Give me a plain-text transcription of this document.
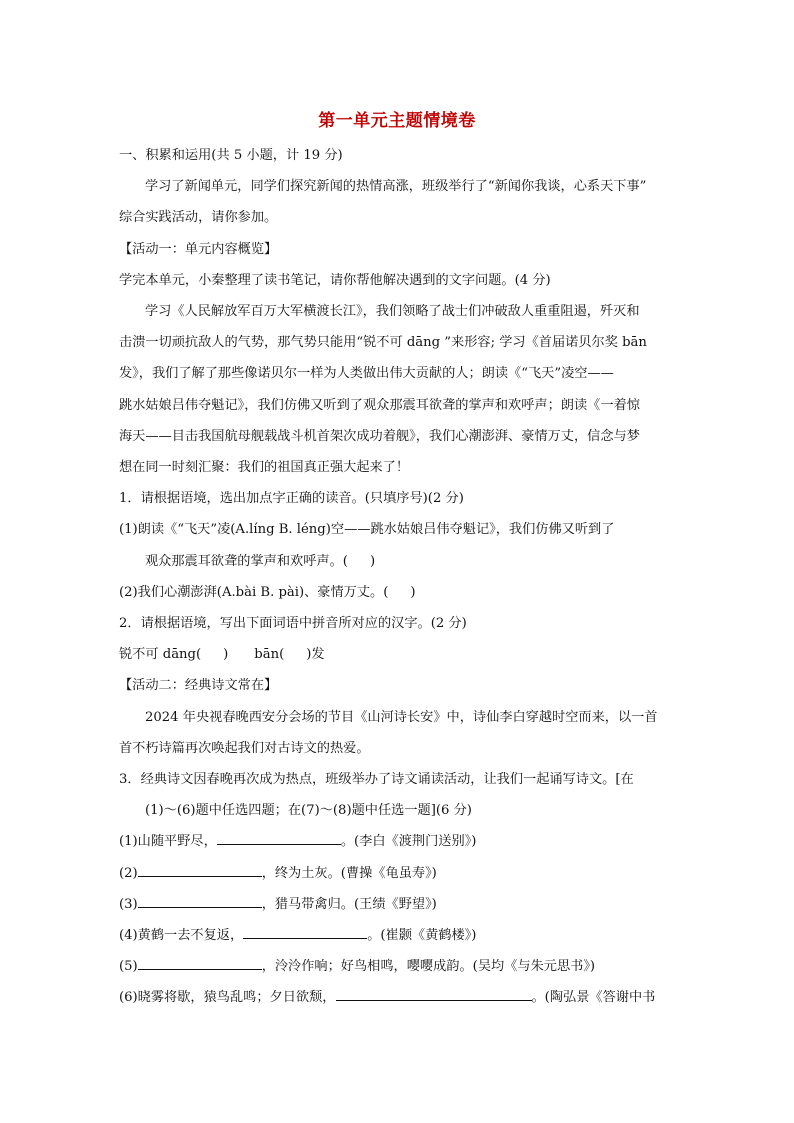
第一单元主题情境卷

一、积累和运用(共 5 小题，计 19 分)

学习了新闻单元，同学们探究新闻的热情高涨，班级举行了“新闻你我谈，心系天下事”

综合实践活动，请你参加。

【活动一：单元内容概览】

学完本单元，小秦整理了读书笔记，请你帮他解决遇到的文字问题。(4 分)

学习《人民解放军百万大军横渡长江》，我们领略了战士们冲破敌人重重阻遏，歼灭和

击溃一切顽抗敌人的气势，那气势只能用“锐不可 dāng ”来形容; 学习《首届诺贝尔奖 bān

发》，我们了解了那些像诺贝尔一样为人类做出伟大贡献的人；朗读《“飞天”凌空——

跳水姑娘吕伟夺魁记》，我们仿佛又听到了观众那震耳欲聋的掌声和欢呼声；朗读《一着惊

海天——目击我国航母舰载战斗机首架次成功着舰》，我们心潮澎湃、豪情万丈，信念与梦

想在同一时刻汇聚：我们的祖国真正强大起来了！

1．请根据语境，选出加点字正确的读音。(只填序号)(2 分)

(1)朗读《“飞天”凌(A.líng B. léng)空——跳水姑娘吕伟夺魁记》，我们仿佛又听到了

观众那震耳欲聋的掌声和欢呼声。( )

(2)我们心潮澎湃(A.bài B. pài)、豪情万丈。( )

2．请根据语境，写出下面词语中拼音所对应的汉字。(2 分)

锐不可 dāng( ) bān( )发

【活动二：经典诗文常在】

2024 年央视春晚西安分会场的节目《山河诗长安》中，诗仙李白穿越时空而来，以一首

首不朽诗篇再次唤起我们对古诗文的热爱。

3．经典诗文因春晚再次成为热点，班级举办了诗文诵读活动，让我们一起诵写诗文。[在

(1)～(6)题中任选四题；在(7)～(8)题中任选一题](6 分)

(1)山随平野尽，	。(李白《渡荆门送别》)

(2)	，终为土灰。(曹操《龟虽寿》)

(3)	，猎马带禽归。(王绩《野望》)

(4)黄鹤一去不复返，	。(崔颢《黄鹤楼》)

(5)	，泠泠作响；好鸟相鸣，嘤嘤成韵。(吴均《与朱元思书》)

(6)晓雾将歇，猿鸟乱鸣；夕日欲颓，	。(陶弘景《答谢中书
